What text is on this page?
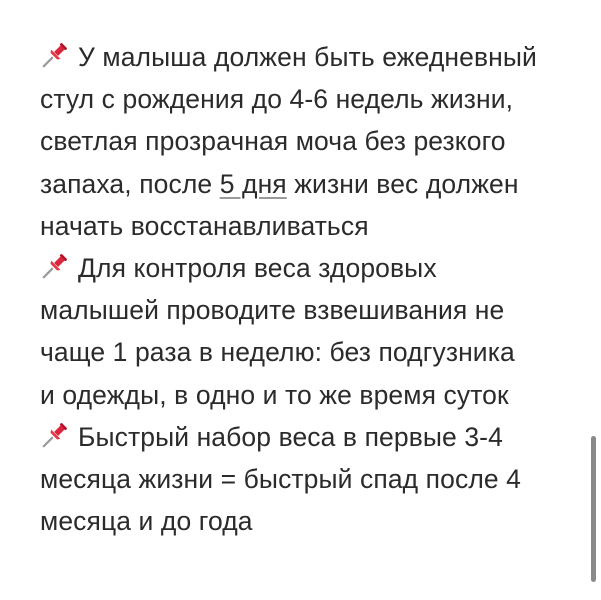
У малыша должен быть ежедневный
стул с рождения до 4-6 недель жизни,
светлая прозрачная моча без резкого
запаха, после 5 дня жизни вес должен
начать восстанавливаться
Для контроля веса здоровых
малышей проводите взвешивания не
чаще 1 раза в неделю: без подгузника
и одежды, в одно и то же время суток
Быстрый набор веса в первые 3-4
месяца жизни = быстрый спад после 4
месяца и до года
